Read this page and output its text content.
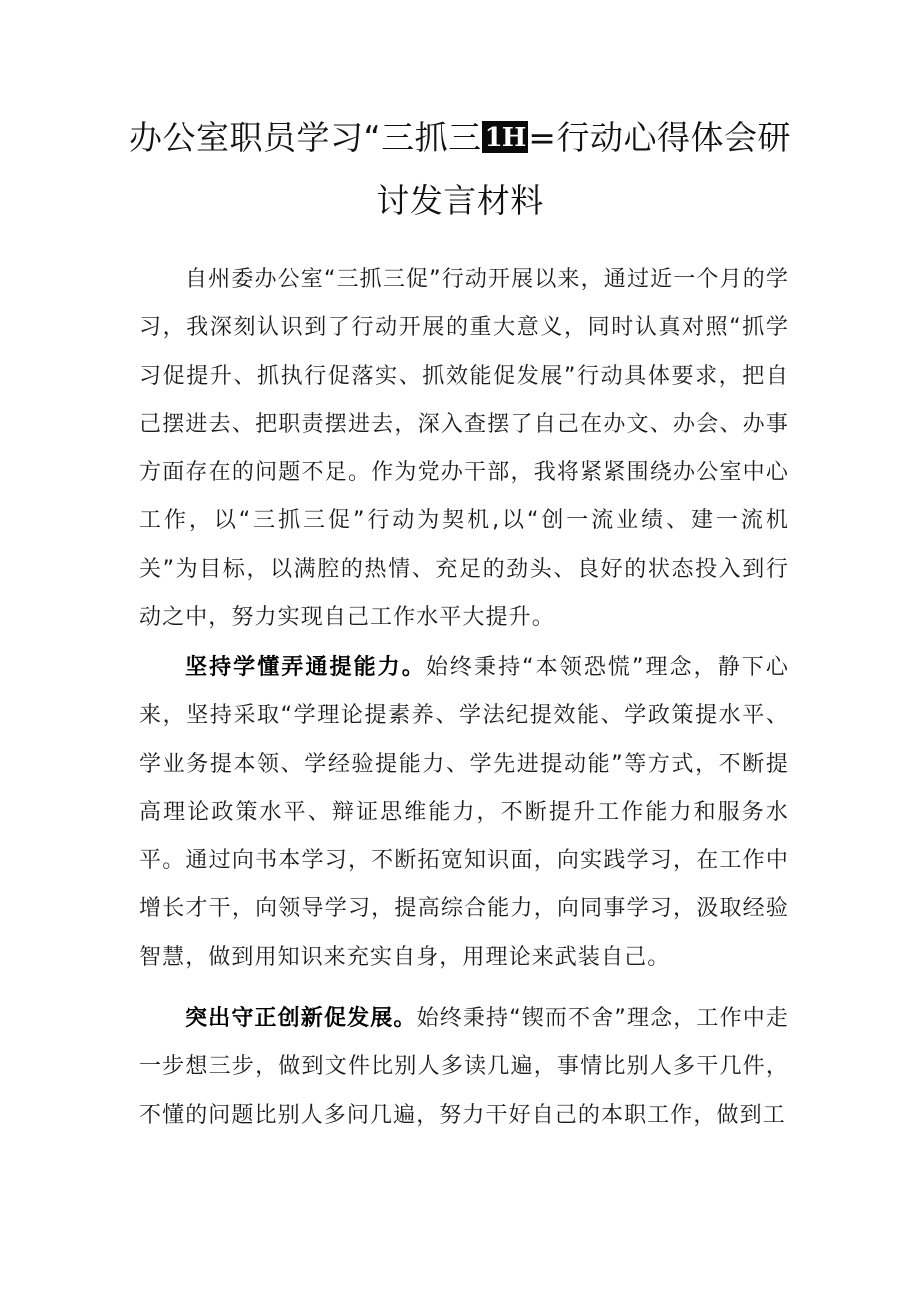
办公室职员学习“三抓三 1H=行动心得体会研
讨发言材料

自州委办公室“三抓三促”行动开展以来，通过近一个月的学习，我深刻认识到了行动开展的重大意义，同时认真对照“抓学习促提升、抓执行促落实、抓效能促发展”行动具体要求，把自己摆进去、把职责摆进去，深入查摆了自己在办文、办会、办事方面存在的问题不足。作为党办干部，我将紧紧围绕办公室中心工作，以“三抓三促”行动为契机,以“创一流业绩、建一流机关”为目标，以满腔的热情、充足的劲头、良好的状态投入到行动之中，努力实现自己工作水平大提升。

坚持学懂弄通提能力。始终秉持“本领恐慌”理念，静下心来，坚持采取“学理论提素养、学法纪提效能、学政策提水平、学业务提本领、学经验提能力、学先进提动能”等方式，不断提高理论政策水平、辩证思维能力，不断提升工作能力和服务水平。通过向书本学习，不断拓宽知识面，向实践学习，在工作中增长才干，向领导学习，提高综合能力，向同事学习，汲取经验智慧，做到用知识来充实自身，用理论来武装自己。

突出守正创新促发展。始终秉持“锲而不舍”理念，工作中走一步想三步，做到文件比别人多读几遍，事情比别人多干几件，不懂的问题比别人多问几遍，努力干好自己的本职工作，做到工
